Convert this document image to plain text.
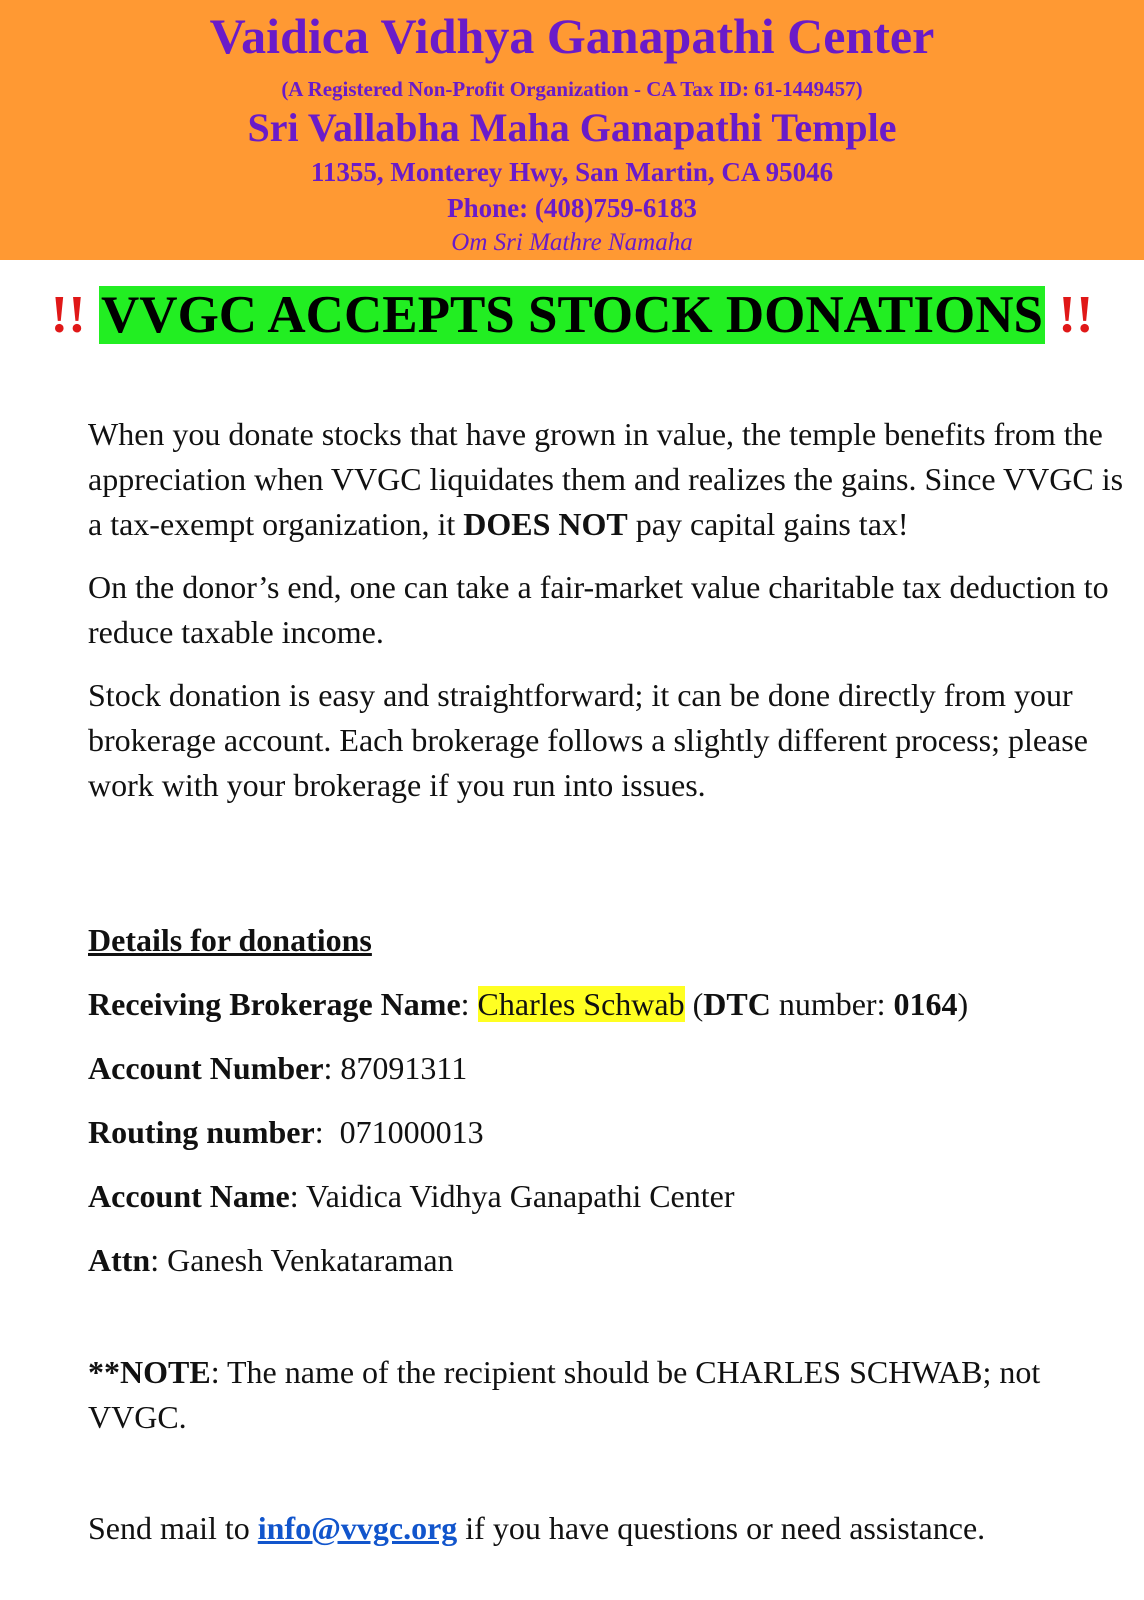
Vaidica Vidhya Ganapathi Center
(A Registered Non-Profit Organization - CA Tax ID: 61-1449457)
Sri Vallabha Maha Ganapathi Temple
11355, Monterey Hwy, San Martin, CA 95046
Phone: (408)759-6183
Om Sri Mathre Namaha
!! VVGC ACCEPTS STOCK DONATIONS !!

When you donate stocks that have grown in value, the temple benefits from the appreciation when VVGC liquidates them and realizes the gains. Since VVGC is a tax-exempt organization, it DOES NOT pay capital gains tax!

On the donor’s end, one can take a fair-market value charitable tax deduction to reduce taxable income.

Stock donation is easy and straightforward; it can be done directly from your brokerage account. Each brokerage follows a slightly different process; please work with your brokerage if you run into issues.

Details for donations
Receiving Brokerage Name: Charles Schwab (DTC number: 0164)
Account Number: 87091311
Routing number:  071000013
Account Name: Vaidica Vidhya Ganapathi Center
Attn: Ganesh Venkataraman
**NOTE: The name of the recipient should be CHARLES SCHWAB; not VVGC.
Send mail to info@vvgc.org if you have questions or need assistance.
